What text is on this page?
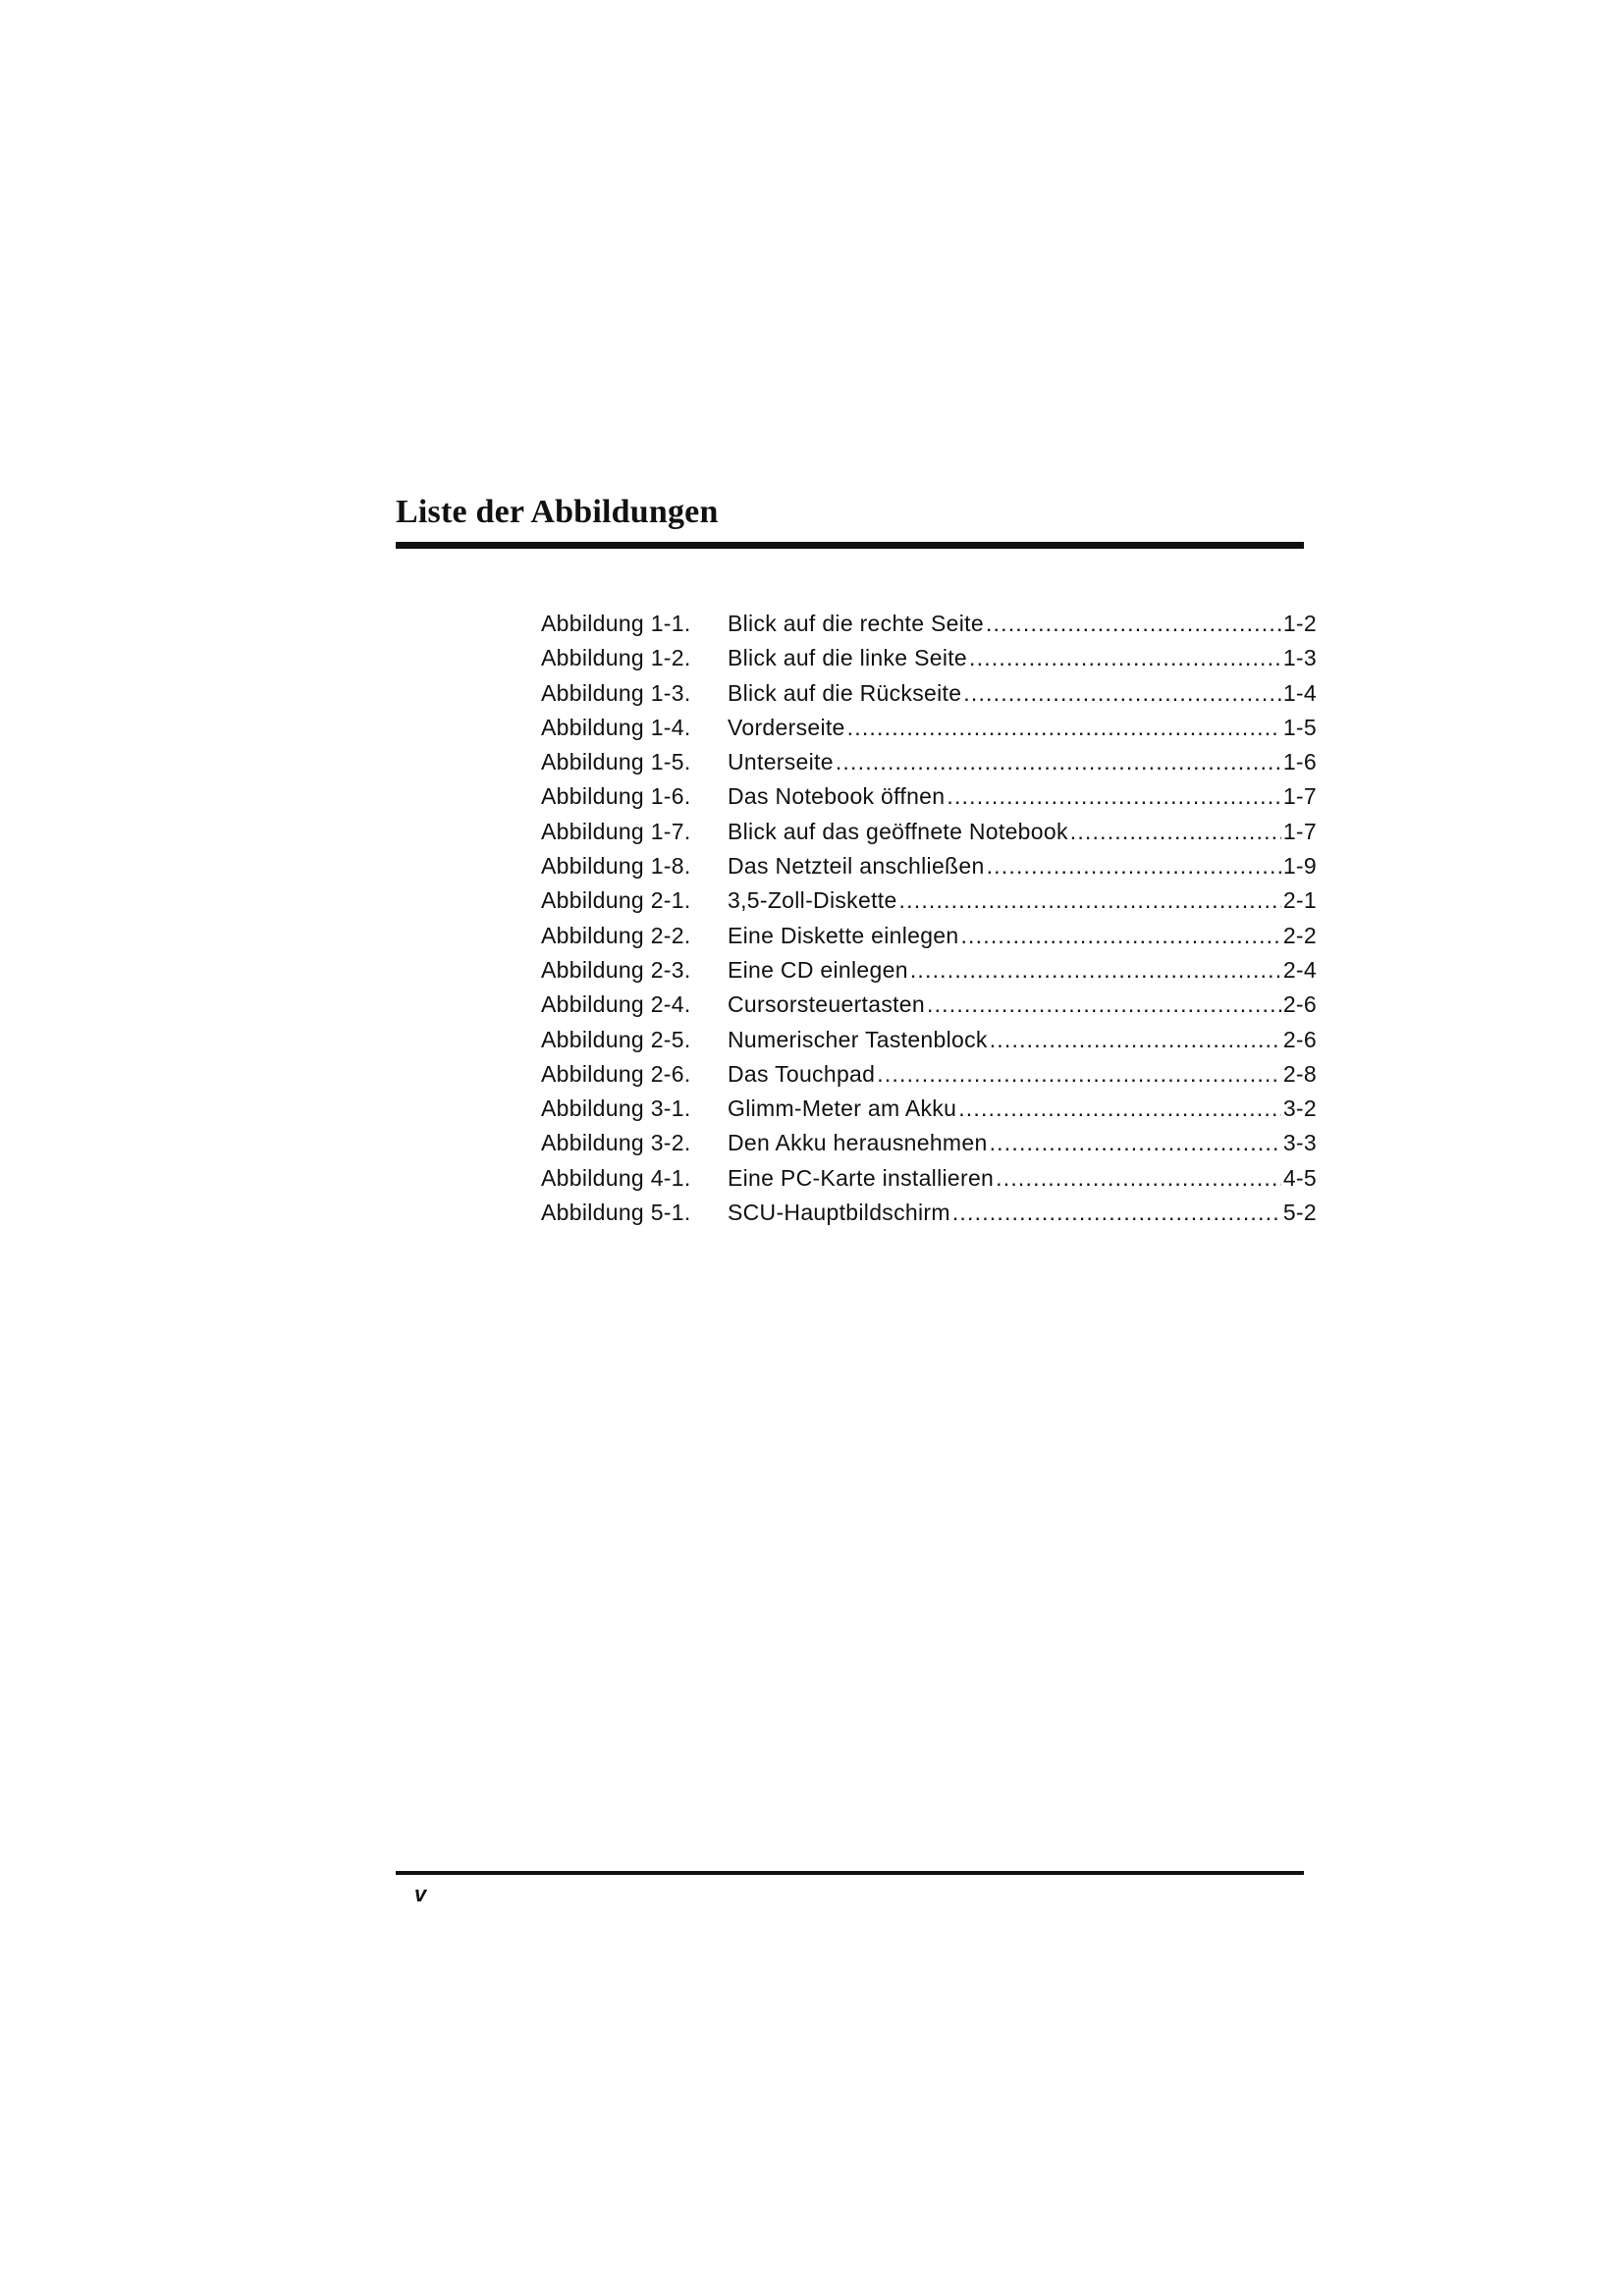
Liste der Abbildungen
Abbildung 1-1.	Blick auf die rechte Seite .....	1-2
Abbildung 1-2.	Blick auf die linke Seite .....	1-3
Abbildung 1-3.	Blick auf die Rückseite .....	1-4
Abbildung 1-4.	Vorderseite .....	1-5
Abbildung 1-5.	Unterseite .....	1-6
Abbildung 1-6.	Das Notebook öffnen .....	1-7
Abbildung 1-7.	Blick auf das geöffnete Notebook .....	1-7
Abbildung 1-8.	Das Netzteil anschließen .....	1-9
Abbildung 2-1.	3,5-Zoll-Diskette .....	2-1
Abbildung 2-2.	Eine Diskette einlegen .....	2-2
Abbildung 2-3.	Eine CD einlegen .....	2-4
Abbildung 2-4.	Cursorsteuertasten .....	2-6
Abbildung 2-5.	Numerischer Tastenblock .....	2-6
Abbildung 2-6.	Das Touchpad .....	2-8
Abbildung 3-1.	Glimm-Meter am Akku .....	3-2
Abbildung 3-2.	Den Akku herausnehmen .....	3-3
Abbildung 4-1.	Eine PC-Karte installieren .....	4-5
Abbildung 5-1.	SCU-Hauptbildschirm .....	5-2
v
